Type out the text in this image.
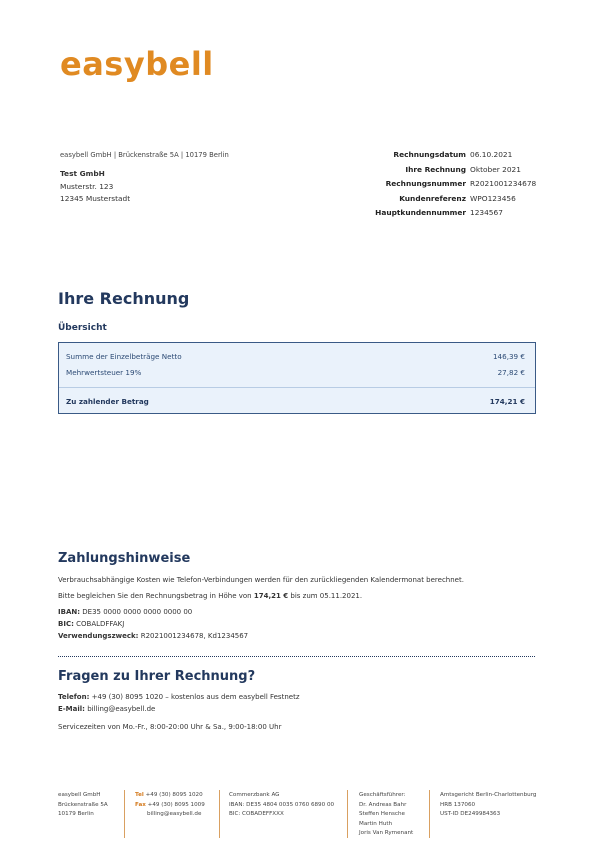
easybell
easybell GmbH | Brückenstraße 5A | 10179 Berlin
Test GmbH
Musterstr. 123
12345 Musterstadt
Rechnungsdatum 06.10.2021
Ihre Rechnung Oktober 2021
Rechnungsnummer R2021001234678
Kundenreferenz WPO123456
Hauptkundennummer 1234567
Ihre Rechnung
Übersicht
Summe der Einzelbeträge Netto	146,39 €
Mehrwertsteuer 19%	27,82 €
Zu zahlender Betrag	174,21 €
Zahlungshinweise
Verbrauchsabhängige Kosten wie Telefon-Verbindungen werden für den zurückliegenden Kalendermonat berechnet.
Bitte begleichen Sie den Rechnungsbetrag in Höhe von 174,21 € bis zum 05.11.2021.
IBAN: DE35 0000 0000 0000 0000 00
BIC: COBALDFFAKJ
Verwendungszweck: R2021001234678, Kd1234567
Fragen zu Ihrer Rechnung?
Telefon: +49 (30) 8095 1020 – kostenlos aus dem easybell Festnetz
E-Mail: billing@easybell.de
Servicezeiten von Mo.-Fr., 8:00-20:00 Uhr & Sa., 9:00-18:00 Uhr
easybell GmbH
Brückenstraße 5A
10179 Berlin
Tel +49 (30) 8095 1020
Fax +49 (30) 8095 1009
billing@easybell.de
Commerzbank AG
IBAN: DE35 4804 0035 0760 6890 00
BIC: COBADEFFXXX
Geschäftsführer:
Dr. Andreas Bahr
Steffen Hensche
Martin Huth
Joris Van Rymenant
Amtsgericht Berlin-Charlottenburg
HRB 137060
UST-ID DE249984363
